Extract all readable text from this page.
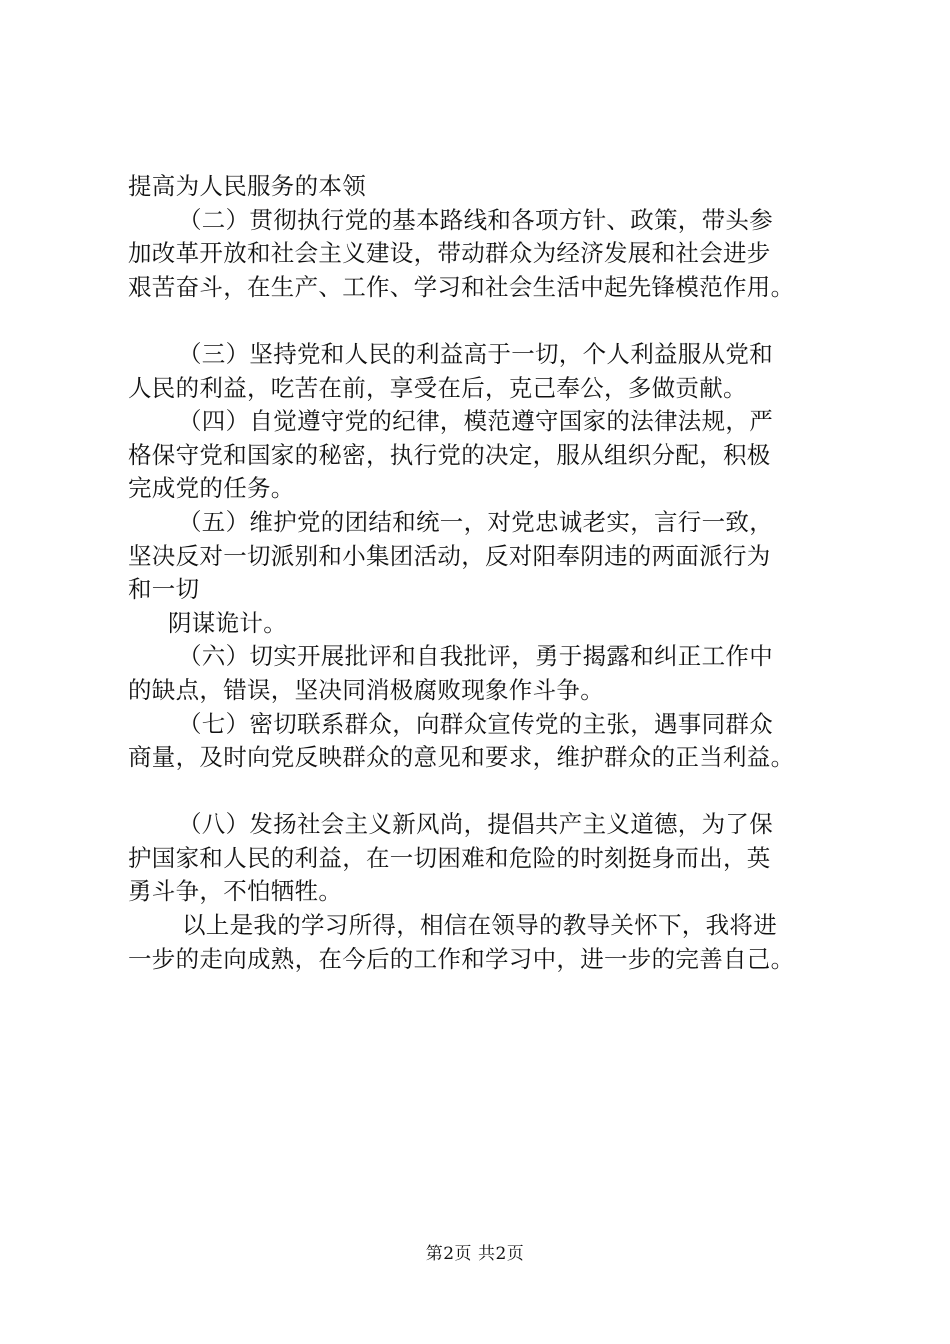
提高为人民服务的本领
（二）贯彻执行党的基本路线和各项方针、政策，带头参
加改革开放和社会主义建设，带动群众为经济发展和社会进步
艰苦奋斗，在生产、工作、学习和社会生活中起先锋模范作用。
（三）坚持党和人民的利益高于一切，个人利益服从党和
人民的利益，吃苦在前，享受在后，克己奉公，多做贡献。
（四）自觉遵守党的纪律，模范遵守国家的法律法规，严
格保守党和国家的秘密，执行党的决定，服从组织分配，积极
完成党的任务。
（五）维护党的团结和统一，对党忠诚老实，言行一致，
坚决反对一切派别和小集团活动，反对阳奉阴违的两面派行为
和一切
阴谋诡计。
（六）切实开展批评和自我批评，勇于揭露和纠正工作中
的缺点，错误，坚决同消极腐败现象作斗争。
（七）密切联系群众，向群众宣传党的主张，遇事同群众
商量，及时向党反映群众的意见和要求，维护群众的正当利益。
（八）发扬社会主义新风尚，提倡共产主义道德，为了保
护国家和人民的利益，在一切困难和危险的时刻挺身而出，英
勇斗争，不怕牺牲。
以上是我的学习所得，相信在领导的教导关怀下，我将进
一步的走向成熟，在今后的工作和学习中，进一步的完善自己。
第2页 共2页
